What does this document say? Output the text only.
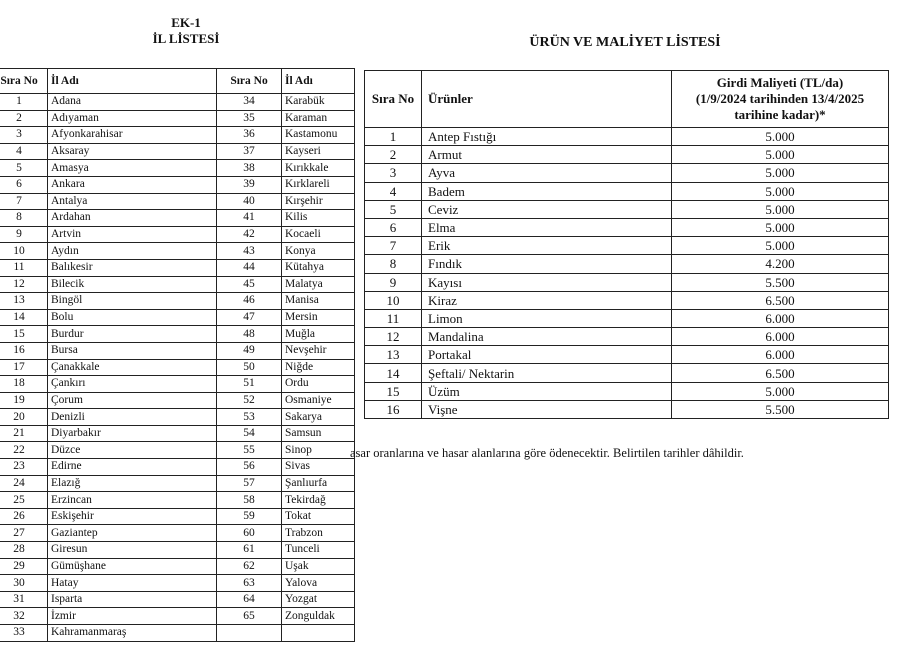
EK-1
İL LİSTESİ
Sıra No	İl Adı	Sıra No	İl Adı
1	Adana	34	Karabük
2	Adıyaman	35	Karaman
3	Afyonkarahisar	36	Kastamonu
4	Aksaray	37	Kayseri
5	Amasya	38	Kırıkkale
6	Ankara	39	Kırklareli
7	Antalya	40	Kırşehir
8	Ardahan	41	Kilis
9	Artvin	42	Kocaeli
10	Aydın	43	Konya
11	Balıkesir	44	Kütahya
12	Bilecik	45	Malatya
13	Bingöl	46	Manisa
14	Bolu	47	Mersin
15	Burdur	48	Muğla
16	Bursa	49	Nevşehir
17	Çanakkale	50	Niğde
18	Çankırı	51	Ordu
19	Çorum	52	Osmaniye
20	Denizli	53	Sakarya
21	Diyarbakır	54	Samsun
22	Düzce	55	Sinop
23	Edirne	56	Sivas
24	Elazığ	57	Şanlıurfa
25	Erzincan	58	Tekirdağ
26	Eskişehir	59	Tokat
27	Gaziantep	60	Trabzon
28	Giresun	61	Tunceli
29	Gümüşhane	62	Uşak
30	Hatay	63	Yalova
31	Isparta	64	Yozgat
32	İzmir	65	Zonguldak
33	Kahramanmaraş		
ÜRÜN VE MALİYET LİSTESİ
Sıra No	Ürünler	Girdi Maliyeti (TL/da)
(1/9/2024 tarihinden 13/4/2025
tarihine kadar)*

1	Antep Fıstığı	5.000
2	Armut	5.000
3	Ayva	5.000
4	Badem	5.000
5	Ceviz	5.000
6	Elma	5.000
7	Erik	5.000
8	Fındık	4.200
9	Kayısı	5.500
10	Kiraz	6.500
11	Limon	6.000
12	Mandalina	6.000
13	Portakal	6.000
14	Şeftali/ Nektarin	6.500
15	Üzüm	5.000
16	Vişne	5.500
asar oranlarına ve hasar alanlarına göre ödenecektir. Belirtilen tarihler dâhildir.
